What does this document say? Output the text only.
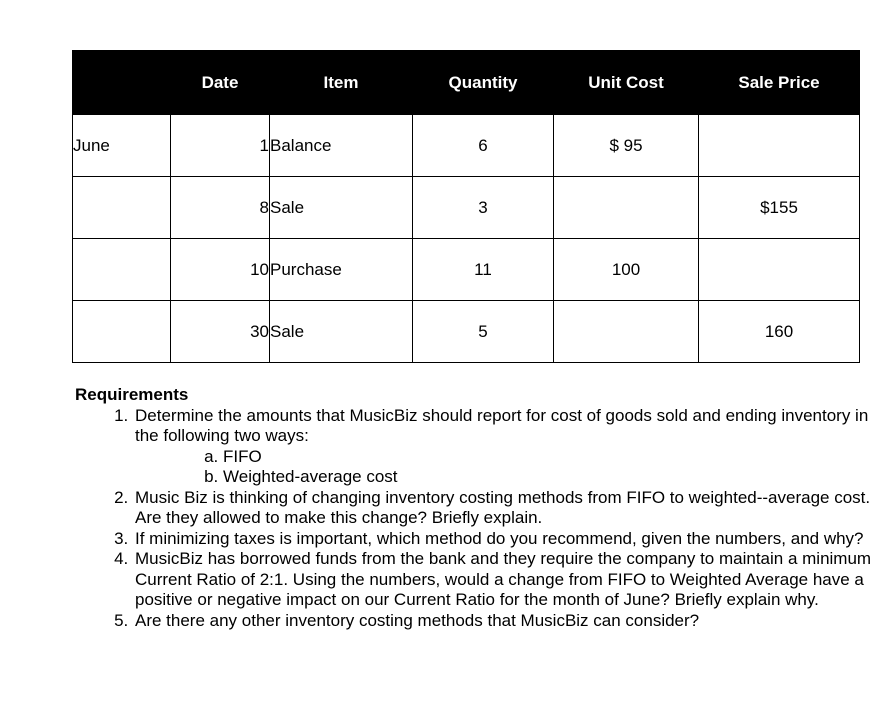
	Date	Item	Quantity	Unit Cost	Sale Price
June	1	Balance	6	$ 95	
	8	Sale	3		$155
	10	Purchase	11	100	
	30	Sale	5		160
Requirements
1. Determine the amounts that MusicBiz should report for cost of goods sold and ending inventory in the following two ways:
a. FIFO
b. Weighted-average cost
2. Music Biz is thinking of changing inventory costing methods from FIFO to weighted--average cost. Are they allowed to make this change? Briefly explain.
3. If minimizing taxes is important, which method do you recommend, given the numbers, and why?
4. MusicBiz has borrowed funds from the bank and they require the company to maintain a minimum Current Ratio of 2:1. Using the numbers, would a change from FIFO to Weighted Average have a positive or negative impact on our Current Ratio for the month of June? Briefly explain why.
5. Are there any other inventory costing methods that MusicBiz can consider?
